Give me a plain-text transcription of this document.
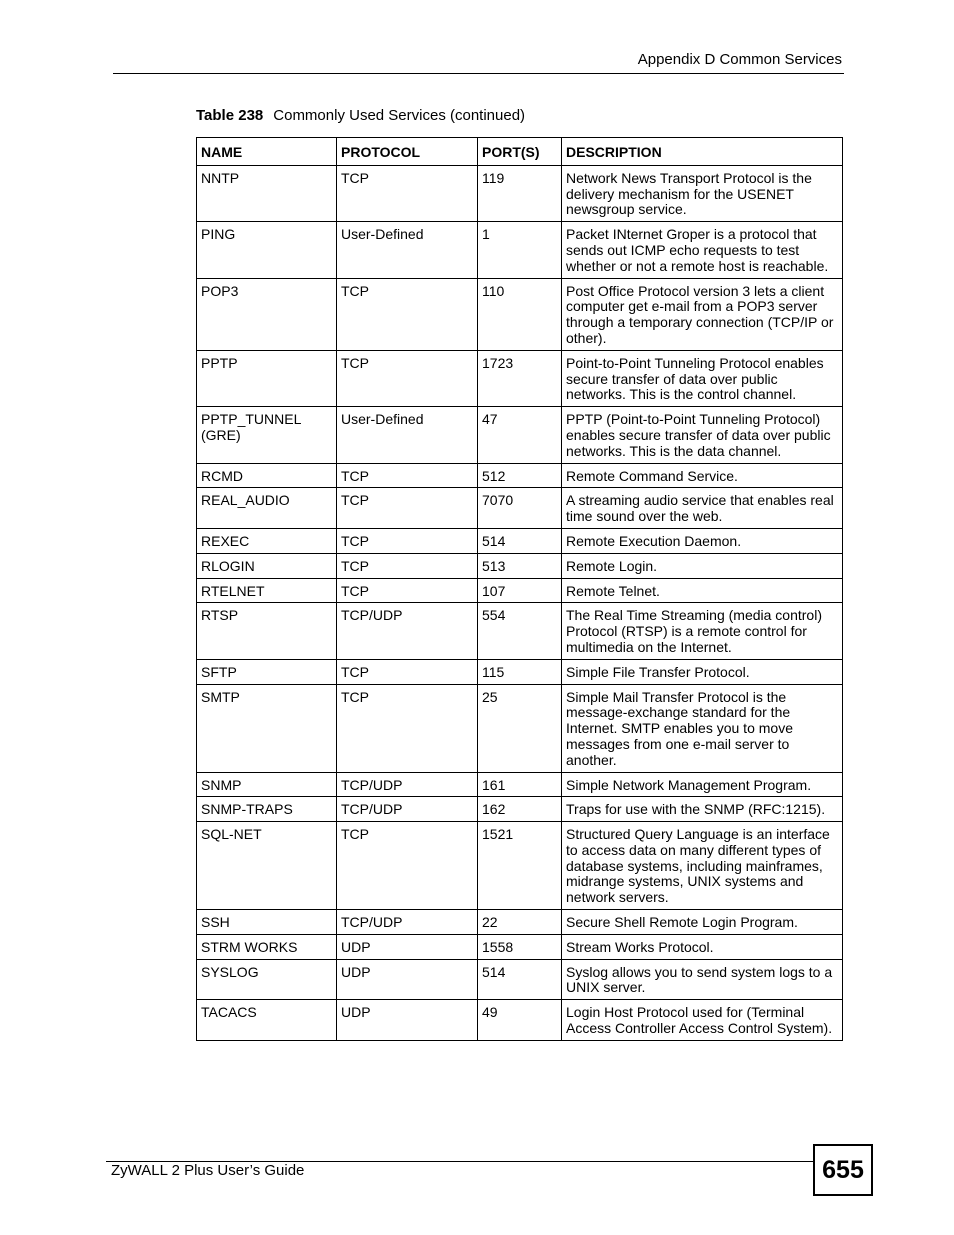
Appendix D Common Services
Table 238 Commonly Used Services (continued)
NAME	PROTOCOL	PORT(S)	DESCRIPTION
NNTP	TCP	119	Network News Transport Protocol is the delivery mechanism for the USENET newsgroup service.
PING	User-Defined	1	Packet INternet Groper is a protocol that sends out ICMP echo requests to test whether or not a remote host is reachable.
POP3	TCP	110	Post Office Protocol version 3 lets a client computer get e-mail from a POP3 server through a temporary connection (TCP/IP or other).
PPTP	TCP	1723	Point-to-Point Tunneling Protocol enables secure transfer of data over public networks. This is the control channel.
PPTP_TUNNEL (GRE)	User-Defined	47	PPTP (Point-to-Point Tunneling Protocol) enables secure transfer of data over public networks. This is the data channel.
RCMD	TCP	512	Remote Command Service.
REAL_AUDIO	TCP	7070	A streaming audio service that enables real time sound over the web.
REXEC	TCP	514	Remote Execution Daemon.
RLOGIN	TCP	513	Remote Login.
RTELNET	TCP	107	Remote Telnet.
RTSP	TCP/UDP	554	The Real Time Streaming (media control) Protocol (RTSP) is a remote control for multimedia on the Internet.
SFTP	TCP	115	Simple File Transfer Protocol.
SMTP	TCP	25	Simple Mail Transfer Protocol is the message-exchange standard for the Internet. SMTP enables you to move messages from one e-mail server to another.
SNMP	TCP/UDP	161	Simple Network Management Program.
SNMP-TRAPS	TCP/UDP	162	Traps for use with the SNMP (RFC:1215).
SQL-NET	TCP	1521	Structured Query Language is an interface to access data on many different types of database systems, including mainframes, midrange systems, UNIX systems and network servers.
SSH	TCP/UDP	22	Secure Shell Remote Login Program.
STRM WORKS	UDP	1558	Stream Works Protocol.
SYSLOG	UDP	514	Syslog allows you to send system logs to a UNIX server.
TACACS	UDP	49	Login Host Protocol used for (Terminal Access Controller Access Control System).
ZyWALL 2 Plus User’s Guide	655
